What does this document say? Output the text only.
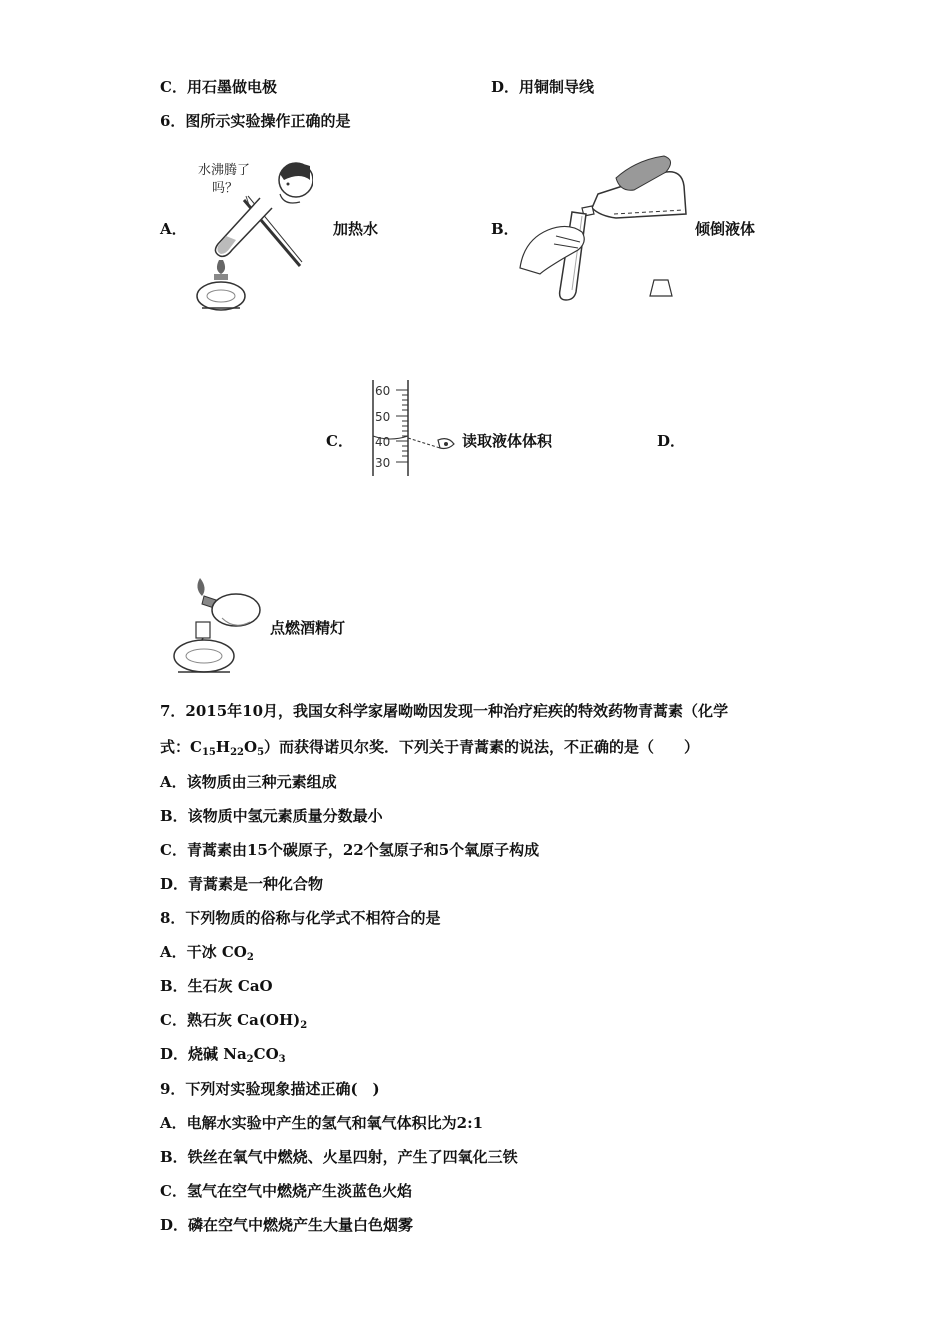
C．用石墨做电极	D．用铜制导线
6．图所示实验操作正确的是
A．
水沸腾了
吗？
加热水	B．	倾倒液体
C．
60
50
40
30
读取液体体积	D．
点燃酒精灯
7．2015年10月，我国女科学家屠呦呦因发现一种治疗疟疾的特效药物青蒿素（化学
式：$C_{15}H_{22}O_5$）而获得诺贝尔奖．下列关于青蒿素的说法，不正确的是（　　）
A．该物质由三种元素组成
B．该物质中氢元素质量分数最小
C．青蒿素由15个碳原子，22个氢原子和5个氧原子构成
D．青蒿素是一种化合物
8．下列物质的俗称与化学式不相符合的是
A．干冰 $CO_2$
B．生石灰 CaO
C．熟石灰 $Ca(OH)_2$
D．烧碱 $Na_2CO_3$
9．下列对实验现象描述正确(　)
A．电解水实验中产生的氢气和氧气体积比为2:1
B．铁丝在氧气中燃烧、火星四射，产生了四氧化三铁
C．氢气在空气中燃烧产生淡蓝色火焰
D．磷在空气中燃烧产生大量白色烟雾
